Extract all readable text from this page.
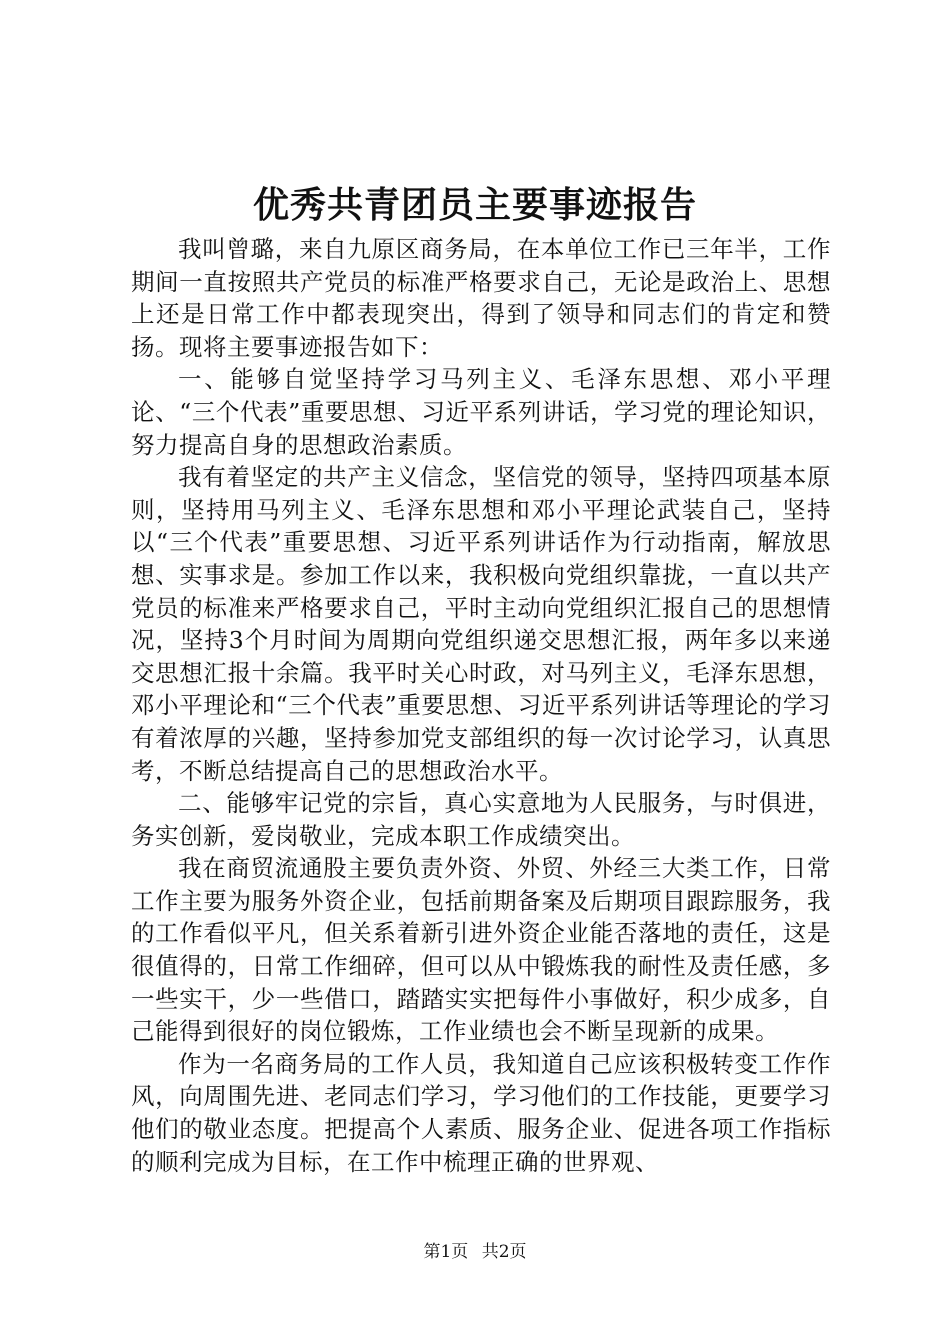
优秀共青团员主要事迹报告

我叫曾璐，来自九原区商务局，在本单位工作已三年半，工作期间一直按照共产党员的标准严格要求自己，无论是政治上、思想上还是日常工作中都表现突出，得到了领导和同志们的肯定和赞扬。现将主要事迹报告如下：

一、能够自觉坚持学习马列主义、毛泽东思想、邓小平理论、“三个代表”重要思想、习近平系列讲话，学习党的理论知识，努力提高自身的思想政治素质。

我有着坚定的共产主义信念，坚信党的领导，坚持四项基本原则，坚持用马列主义、毛泽东思想和邓小平理论武装自己，坚持以“三个代表”重要思想、习近平系列讲话作为行动指南，解放思想、实事求是。参加工作以来，我积极向党组织靠拢，一直以共产党员的标准来严格要求自己，平时主动向党组织汇报自己的思想情况，坚持3个月时间为周期向党组织递交思想汇报，两年多以来递交思想汇报十余篇。我平时关心时政，对马列主义，毛泽东思想，邓小平理论和“三个代表”重要思想、习近平系列讲话等理论的学习有着浓厚的兴趣，坚持参加党支部组织的每一次讨论学习，认真思考，不断总结提高自己的思想政治水平。

二、能够牢记党的宗旨，真心实意地为人民服务，与时俱进，务实创新，爱岗敬业，完成本职工作成绩突出。

我在商贸流通股主要负责外资、外贸、外经三大类工作，日常工作主要为服务外资企业，包括前期备案及后期项目跟踪服务，我的工作看似平凡，但关系着新引进外资企业能否落地的责任，这是很值得的，日常工作细碎，但可以从中锻炼我的耐性及责任感，多一些实干，少一些借口，踏踏实实把每件小事做好，积少成多，自己能得到很好的岗位锻炼，工作业绩也会不断呈现新的成果。

作为一名商务局的工作人员，我知道自己应该积极转变工作作风，向周围先进、老同志们学习，学习他们的工作技能，更要学习他们的敬业态度。把提高个人素质、服务企业、促进各项工作指标的顺利完成为目标，在工作中梳理正确的世界观、

第1页 共2页
